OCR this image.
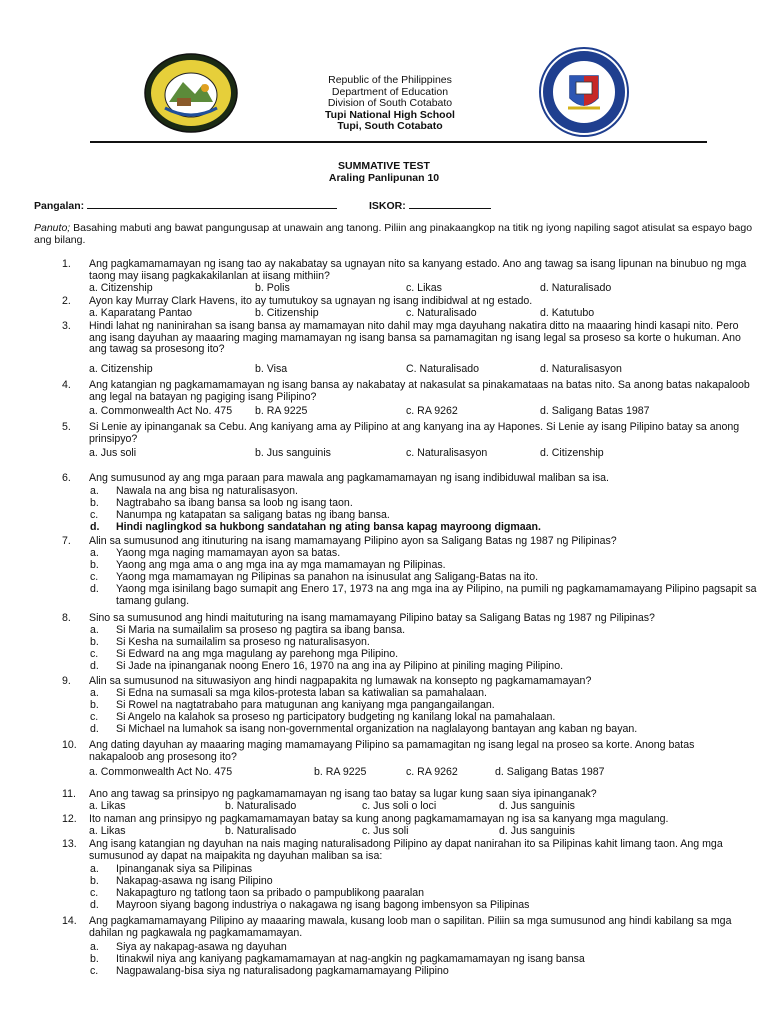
Republic of the Philippines
Department of Education
Division of South Cotabato
Tupi National High School
Tupi, South Cotabato
SUMMATIVE TEST
Araling Panlipunan 10
Pangalan:	ISKOR:
Panuto; Basahing mabuti ang bawat pangungusap at unawain ang tanong. Piliin ang pinakaangkop na titik ng iyong napiling sagot atisulat sa espayo bago ang bilang.
1.	Ang pagkamamamayan ng isang tao ay nakabatay sa ugnayan nito sa kanyang estado. Ano ang tawag sa isang lipunan na binubuo ng mga taong may iisang pagkakakilanlan at iisang mithiin?
a. Citizenship	b. Polis	c. Likas	d. Naturalisado
2.	Ayon kay Murray Clark Havens, ito ay tumutukoy sa ugnayan ng isang indibidwal at ng estado.
a. Kaparatang Pantao	b. Citizenship	c. Naturalisado	d. Katutubo
3.	Hindi lahat ng naninirahan sa isang bansa ay mamamayan nito dahil may mga dayuhang nakatira ditto na maaaring hindi kasapi nito. Pero ang isang dayuhan ay maaaring maging mamamayan ng isang bansa sa pamamagitan ng isang legal sa proseso sa korte o hukuman. Ano ang tawag sa prosesong ito?
a. Citizenship	b. Visa	C. Naturalisado	d. Naturalisasyon
4.	Ang katangian ng pagkamamamayan ng isang bansa ay nakabatay at nakasulat sa pinakamataas na batas nito. Sa anong batas nakapaloob ang legal na batayan ng pagiging isang Pilipino?
a. Commonwealth Act No. 475 b. RA 9225	c. RA 9262	d. Saligang Batas 1987
5.	Si Lenie ay ipinanganak sa Cebu. Ang kaniyang ama ay Pilipino at ang kanyang ina ay Hapones. Si Lenie ay isang Pilipino batay sa anong prinsipyo?
a. Jus soli	b. Jus sanguinis	c. Naturalisasyon	d. Citizenship
6.	Ang sumusunod ay ang mga paraan para mawala ang pagkamamamayan ng isang indibiduwal maliban sa isa.
a. Nawala na ang bisa ng naturalisasyon.
b. Nagtrabaho sa ibang bansa sa loob ng isang taon.
c. Nanumpa ng katapatan sa saligang batas ng ibang bansa.
d. Hindi naglingkod sa hukbong sandatahan ng ating bansa kapag mayroong digmaan.
7.	Alin sa sumusunod ang itinuturing na isang mamamayang Pilipino ayon sa Saligang Batas ng 1987 ng Pilipinas?
a. Yaong mga naging mamamayan ayon sa batas.
b. Yaong ang mga ama o ang mga ina ay mga mamamayan ng Pilipinas.
c. Yaong mga mamamayan ng Pilipinas sa panahon na isinusulat ang Saligang-Batas na ito.
d. Yaong mga isinilang bago sumapit ang Enero 17, 1973 na ang mga ina ay Pilipino, na pumili ng pagkamamamayang Pilipino pagsapit sa
tamang gulang.
8.	Sino sa sumusunod ang hindi maituturing na isang mamamayang Pilipino batay sa Saligang Batas ng 1987 ng Pilipinas?
a. Si Maria na sumailalim sa proseso ng pagtira sa ibang bansa.
b. Si Kesha na sumailalim sa proseso ng naturalisasyon.
c. Si Edward na ang mga magulang ay parehong mga Pilipino.
d. Si Jade na ipinanganak noong Enero 16, 1970 na ang ina ay Pilipino at piniling maging Pilipino.
9.	Alin sa sumusunod na situwasiyon ang hindi nagpapakita ng lumawak na konsepto ng pagkamamamayan?
a. Si Edna na sumasali sa mga kilos-protesta laban sa katiwalian sa pamahalaan.
b. Si Rowel na nagtatrabaho para matugunan ang kaniyang mga pangangailangan.
c. Si Angelo na kalahok sa proseso ng participatory budgeting ng kanilang lokal na pamahalaan.
d. Si Michael na lumahok sa isang non-governmental organization na naglalayong bantayan ang kaban ng bayan.
10.	Ang dating dayuhan ay maaaring maging mamamayang Pilipino sa pamamagitan ng isang legal na proseo sa korte. Anong batas nakapaloob ang prosesong ito?
a. Commonwealth Act No. 475	b. RA 9225	c. RA 9262	d. Saligang Batas 1987
11.	Ano ang tawag sa prinsipyo ng pagkamamamayan ng isang tao batay sa lugar kung saan siya ipinanganak?
a. Likas	b. Naturalisado	c. Jus soli o loci	d. Jus sanguinis
12.	Ito naman ang prinsipyo ng pagkamamamayan batay sa kung anong pagkamamamayan ng isa sa kanyang mga magulang.
a. Likas	b. Naturalisado	c. Jus soli	d. Jus sanguinis
13.	Ang isang katangian ng dayuhan na nais maging naturalisadong Pilipino ay dapat nanirahan ito sa Pilipinas kahit limang taon. Ang mga sumusunod ay dapat na maipakita ng dayuhan maliban sa isa:
a. Ipinanganak siya sa Pilipinas
b. Nakapag-asawa ng isang Pilipino
c. Nakapagturo ng tatlong taon sa pribado o pampublikong paaralan
d. Mayroon siyang bagong industriya o nakagawa ng isang bagong imbensyon sa Pilipinas
14.	Ang pagkamamamayang Pilipino ay maaaring mawala, kusang loob man o sapilitan. Piliin sa mga sumusunod ang hindi kabilang sa mga dahilan ng pagkawala ng pagkamamamayan.
a. Siya ay nakapag-asawa ng dayuhan
b. Itinakwil niya ang kaniyang pagkamamamayan at nag-angkin ng pagkamamamayan ng isang bansa
c. Nagpawalang-bisa siya ng naturalisadong pagkamamamayang Pilipino
